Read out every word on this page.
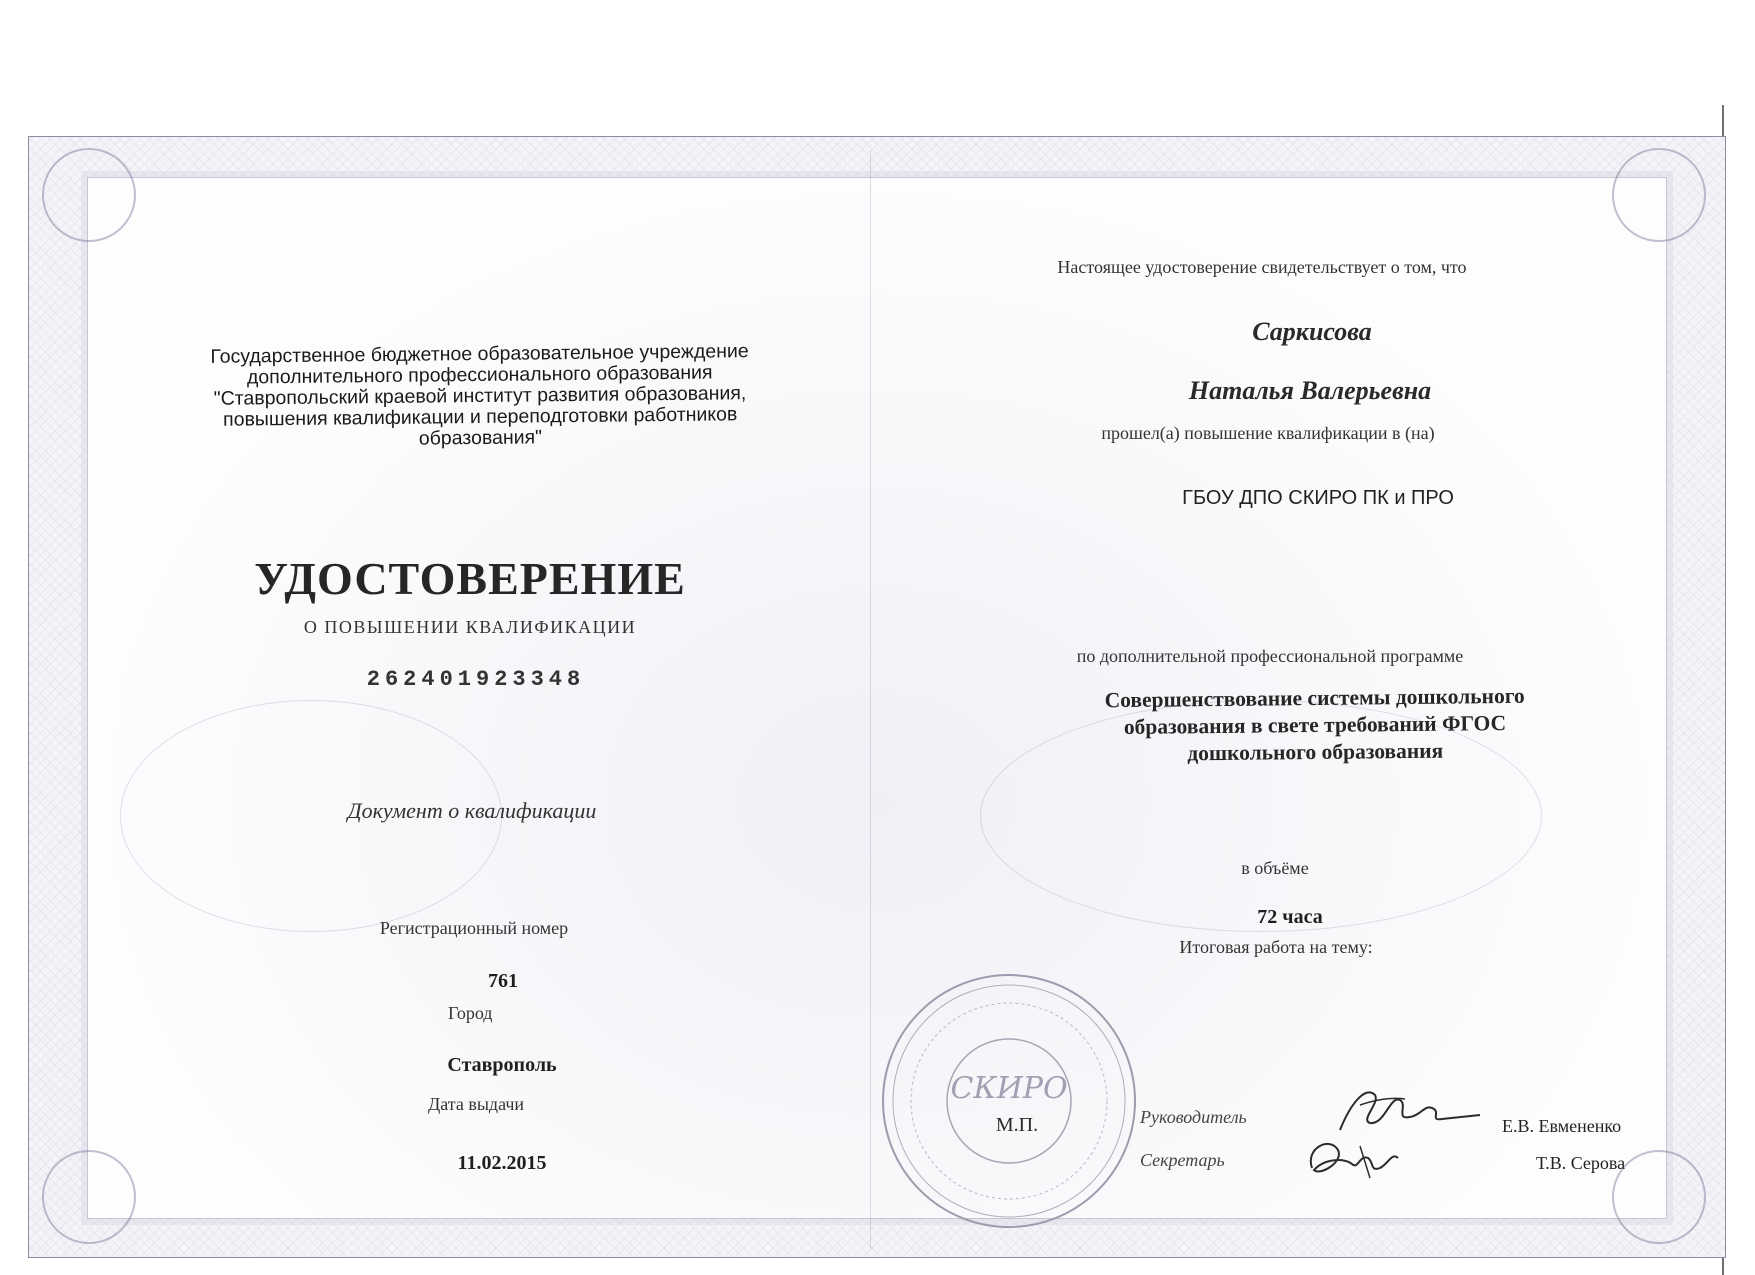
Государственное бюджетное образовательное учреждение
дополнительного профессионального образования
"Ставропольский краевой институт развития образования,
повышения квалификации и переподготовки работников
образования"
УДОСТОВЕРЕНИЕ
О ПОВЫШЕНИИ КВАЛИФИКАЦИИ
262401923348
Документ о квалификации
Регистрационный номер
761
Город
Ставрополь
Дата выдачи
11.02.2015
Настоящее удостоверение свидетельствует о том, что
Саркисова
Наталья Валерьевна
прошел(а) повышение квалификации в (на)
ГБОУ ДПО СКИРО ПК и ПРО
по дополнительной профессиональной программе
Совершенствование системы дошкольного
образования в свете требований ФГОС
дошкольного образования
в объёме
72 часа
Итоговая работа на тему:
СКИРО
М.П.	Руководитель	Е.В. Евмененко
Секретарь	Т.В. Серова
